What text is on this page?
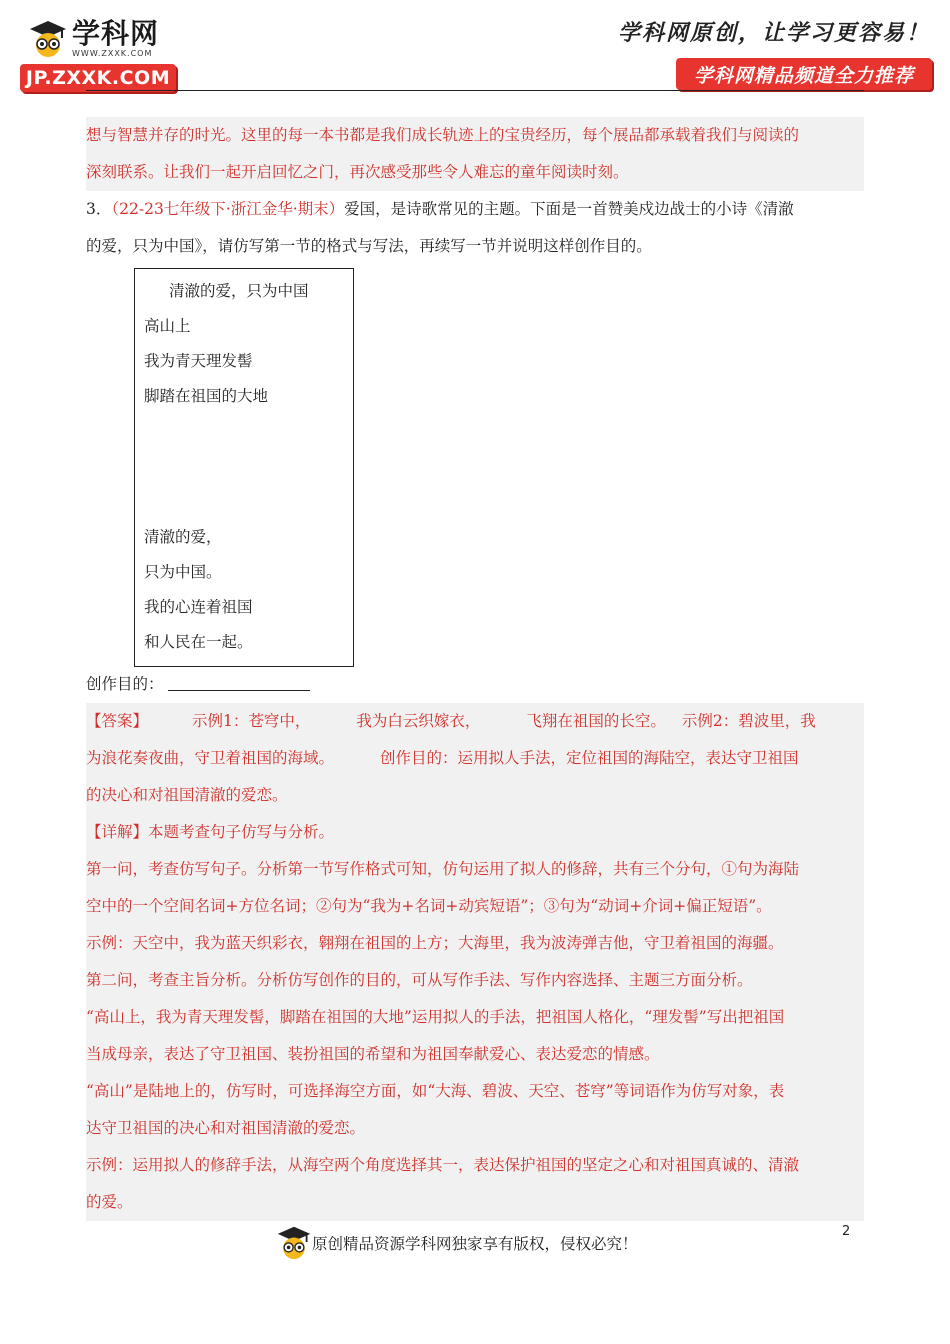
学科网
WWW.ZXXK.COM
JP.ZXXK.COM
学科网原创，让学习更容易！
学科网精品频道全力推荐
想与智慧并存的时光。这里的每一本书都是我们成长轨迹上的宝贵经历，每个展品都承载着我们与阅读的
深刻联系。让我们一起开启回忆之门，再次感受那些令人难忘的童年阅读时刻。
3．（22-23七年级下·浙江金华·期末）爱国，是诗歌常见的主题。下面是一首赞美戍边战士的小诗《清澈
的爱，只为中国》，请仿写第一节的格式与写法，再续写一节并说明这样创作目的。
清澈的爱，只为中国
高山上
我为青天理发髻
脚踏在祖国的大地
清澈的爱，
只为中国。
我的心连着祖国
和人民在一起。
创作目的：
【答案】	示例1：苍穹中，	我为白云织嫁衣，	飞翔在祖国的长空。 示例2：碧波里，我
为浪花奏夜曲，守卫着祖国的海域。	创作目的：运用拟人手法，定位祖国的海陆空，表达守卫祖国
的决心和对祖国清澈的爱恋。
【详解】本题考查句子仿写与分析。
第一问，考查仿写句子。分析第一节写作格式可知，仿句运用了拟人的修辞，共有三个分句，①句为海陆
空中的一个空间名词+方位名词；②句为“我为+名词+动宾短语”；③句为“动词+介词+偏正短语”。
示例：天空中，我为蓝天织彩衣，翱翔在祖国的上方；大海里，我为波涛弹吉他，守卫着祖国的海疆。
第二问，考查主旨分析。分析仿写创作的目的，可从写作手法、写作内容选择、主题三方面分析。
“高山上，我为青天理发髻，脚踏在祖国的大地”运用拟人的手法，把祖国人格化，“理发髻”写出把祖国
当成母亲，表达了守卫祖国、装扮祖国的希望和为祖国奉献爱心、表达爱恋的情感。
“高山”是陆地上的，仿写时，可选择海空方面，如“大海、碧波、天空、苍穹”等词语作为仿写对象，表
达守卫祖国的决心和对祖国清澈的爱恋。
示例：运用拟人的修辞手法，从海空两个角度选择其一，表达保护祖国的坚定之心和对祖国真诚的、清澈
的爱。
原创精品资源学科网独家享有版权，侵权必究！
2
